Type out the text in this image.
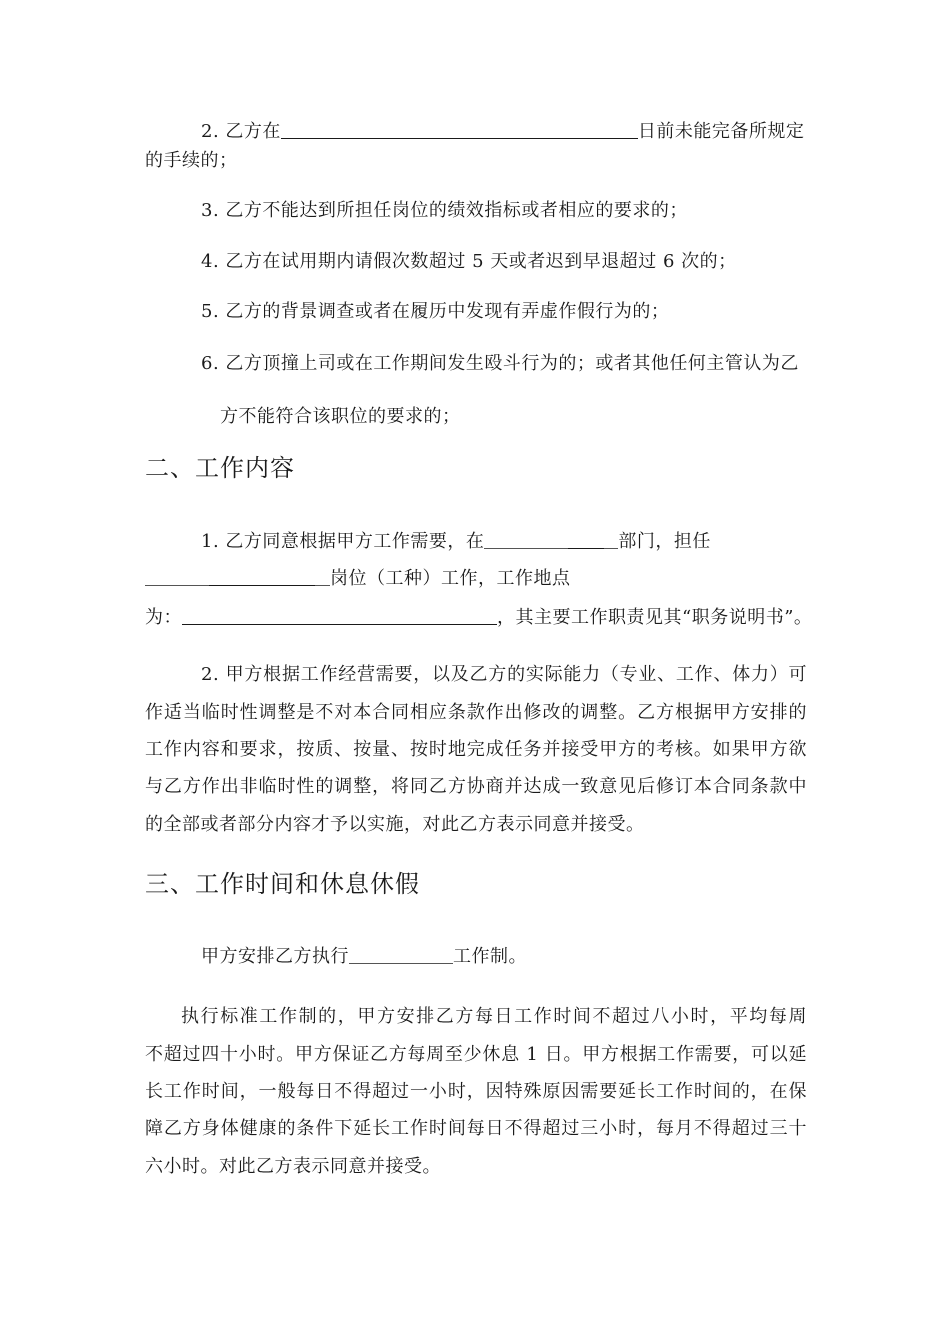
2. 乙方在	日前未能完备所规定
的手续的；
3. 乙方不能达到所担任岗位的绩效指标或者相应的要求的；
4. 乙方在试用期内请假次数超过 5 天或者迟到早退超过 6 次的；
5. 乙方的背景调查或者在履历中发现有弄虚作假行为的；
6. 乙方顶撞上司或在工作期间发生殴斗行为的；或者其他任何主管认为乙
方不能符合该职位的要求的；
二、工作内容
1. 乙方同意根据甲方工作需要，在	部门，担任
岗位（工种）工作，工作地点
为：	，其主要工作职责见其“职务说明书”。
2. 甲方根据工作经营需要，以及乙方的实际能力（专业、工作、体力）可
作适当临时性调整是不对本合同相应条款作出修改的调整。乙方根据甲方安排的
工作内容和要求，按质、按量、按时地完成任务并接受甲方的考核。如果甲方欲
与乙方作出非临时性的调整，将同乙方协商并达成一致意见后修订本合同条款中
的全部或者部分内容才予以实施，对此乙方表示同意并接受。
三、工作时间和休息休假
甲方安排乙方执行	工作制。
执行标准工作制的，甲方安排乙方每日工作时间不超过八小时，平均每周
不超过四十小时。甲方保证乙方每周至少休息 1 日。甲方根据工作需要，可以延
长工作时间，一般每日不得超过一小时，因特殊原因需要延长工作时间的，在保
障乙方身体健康的条件下延长工作时间每日不得超过三小时，每月不得超过三十
六小时。对此乙方表示同意并接受。
